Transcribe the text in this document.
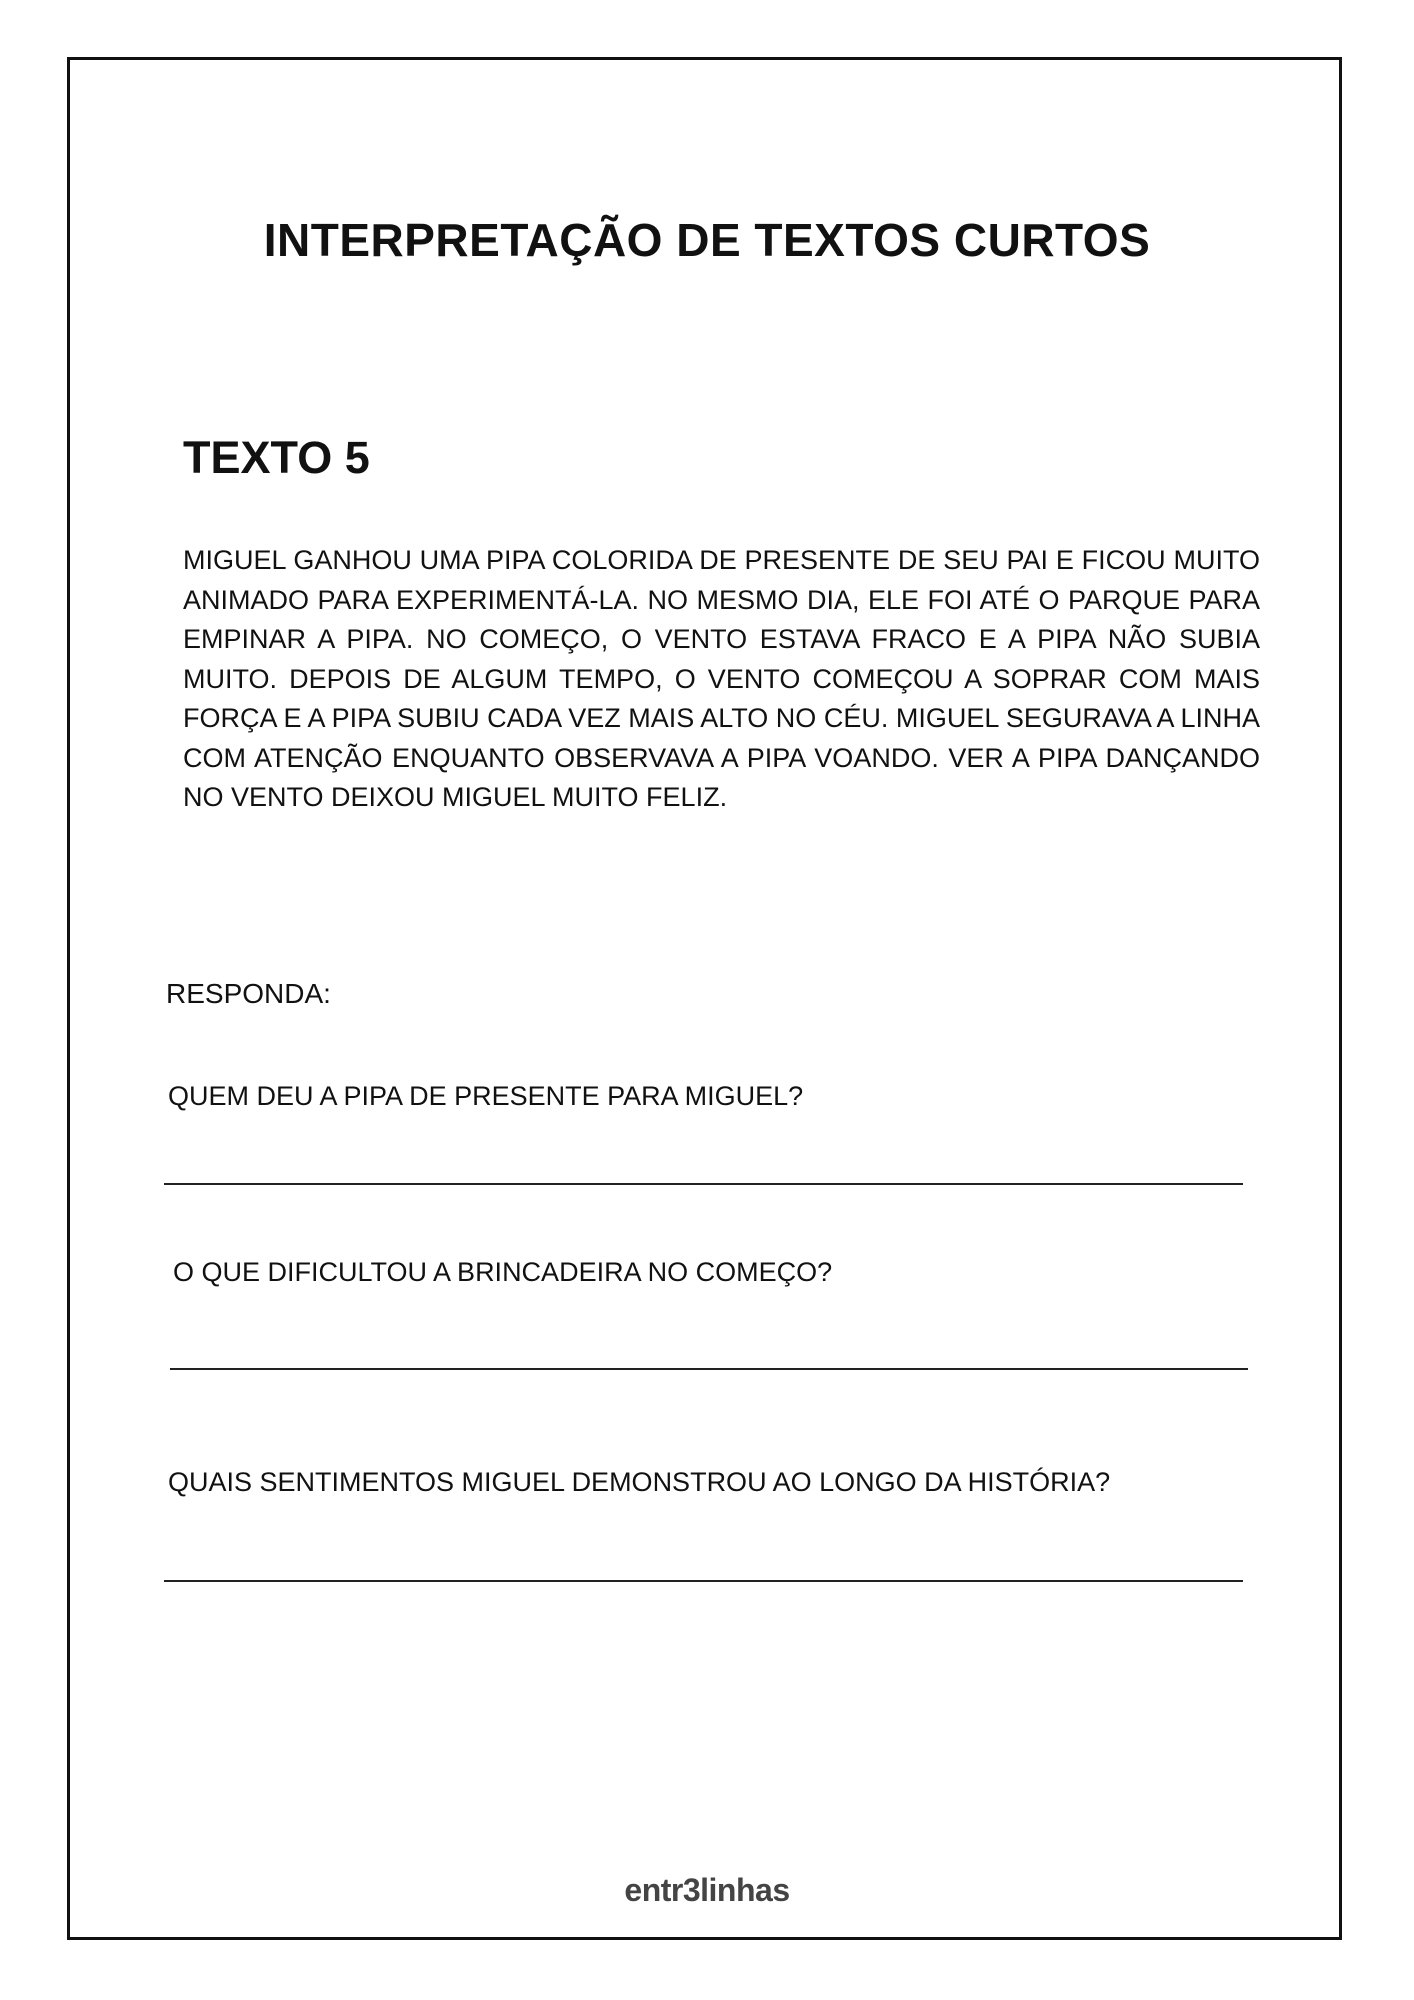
INTERPRETAÇÃO DE TEXTOS CURTOS
TEXTO 5

MIGUEL GANHOU UMA PIPA COLORIDA DE PRESENTE DE SEU PAI E FICOU MUITO ANIMADO PARA EXPERIMENTÁ-LA. NO MESMO DIA, ELE FOI ATÉ O PARQUE PARA EMPINAR A PIPA. NO COMEÇO, O VENTO ESTAVA FRACO E A PIPA NÃO SUBIA MUITO. DEPOIS DE ALGUM TEMPO, O VENTO COMEÇOU A SOPRAR COM MAIS FORÇA E A PIPA SUBIU CADA VEZ MAIS ALTO NO CÉU. MIGUEL SEGURAVA A LINHA COM ATENÇÃO ENQUANTO OBSERVAVA A PIPA VOANDO. VER A PIPA DANÇANDO NO VENTO DEIXOU MIGUEL MUITO FELIZ.

RESPONDA:

QUEM DEU A PIPA DE PRESENTE PARA MIGUEL?

O QUE DIFICULTOU A BRINCADEIRA NO COMEÇO?

QUAIS SENTIMENTOS MIGUEL DEMONSTROU AO LONGO DA HISTÓRIA?

entr3linhas
